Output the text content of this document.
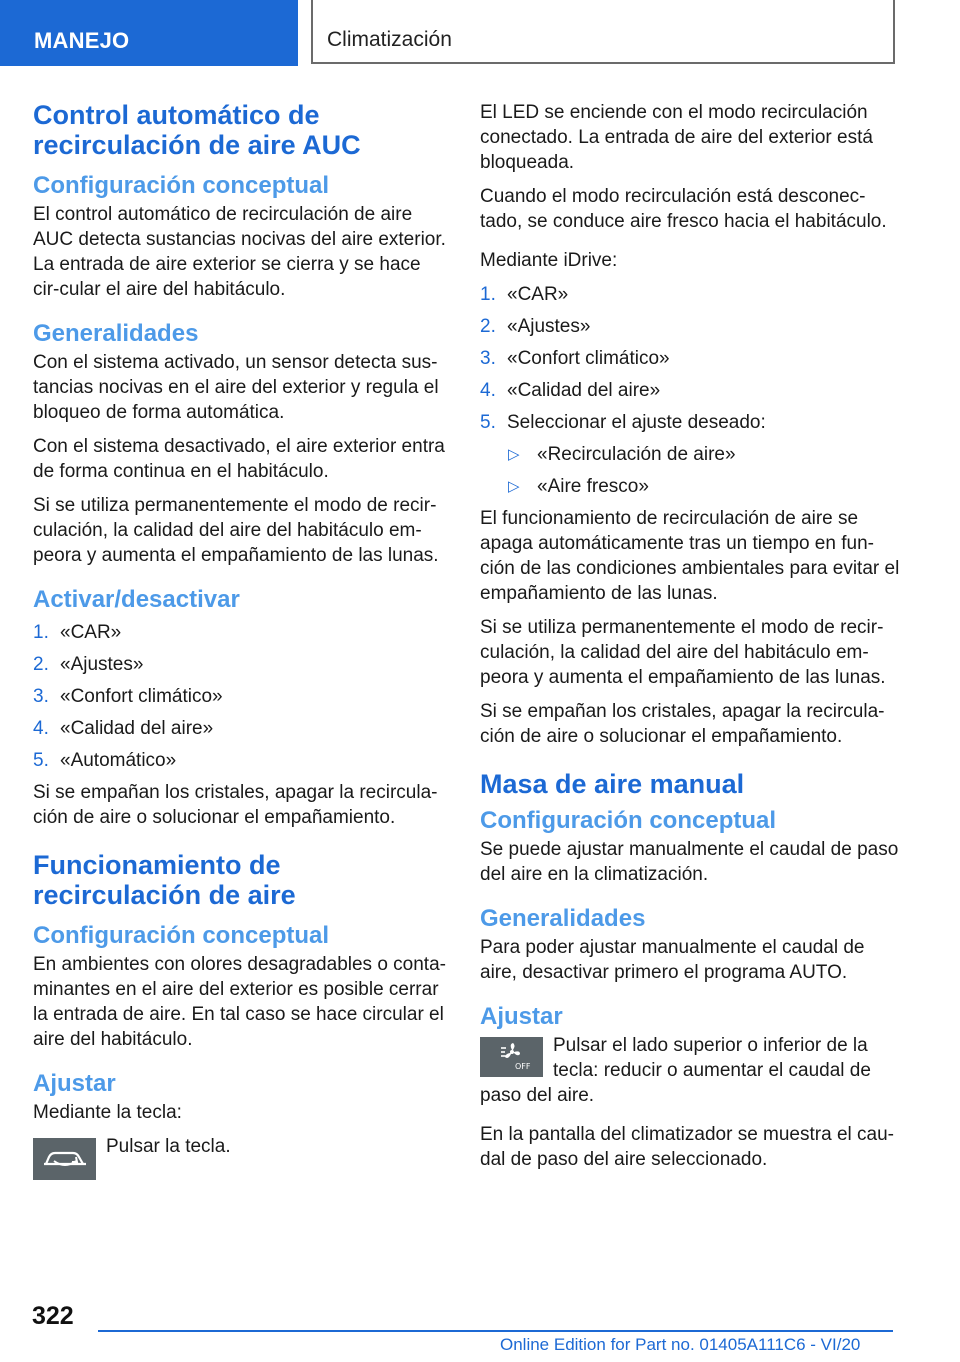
MANEJO	Climatización
Control automático de recirculación de aire AUC
Configuración conceptual

El control automático de recirculación de aire AUC detecta sustancias nocivas del aire exterior. La entrada de aire exterior se cierra y se hace cir-cular el aire del habitáculo.

Generalidades

Con el sistema activado, un sensor detecta sus-tancias nocivas en el aire del exterior y regula el bloqueo de forma automática.

Con el sistema desactivado, el aire exterior entra de forma continua en el habitáculo.

Si se utiliza permanentemente el modo de recir-culación, la calidad del aire del habitáculo em-peora y aumenta el empañamiento de las lunas.

Activar/desactivar
1. «CAR»
2. «Ajustes»
3. «Confort climático»
4. «Calidad del aire»
5. «Automático»

Si se empañan los cristales, apagar la recircula-ción de aire o solucionar el empañamiento.

Funcionamiento de recirculación de aire
Configuración conceptual

En ambientes con olores desagradables o conta-minantes en el aire del exterior es posible cerrar la entrada de aire. En tal caso se hace circular el aire del habitáculo.

Ajustar

Mediante la tecla:

Pulsar la tecla.

El LED se enciende con el modo recirculación conectado. La entrada de aire del exterior está bloqueada.

Cuando el modo recirculación está desconec-tado, se conduce aire fresco hacia el habitáculo.

Mediante iDrive:

1. «CAR»
2. «Ajustes»
3. «Confort climático»
4. «Calidad del aire»
5. Seleccionar el ajuste deseado:
▷ «Recirculación de aire»
▷ «Aire fresco»

El funcionamiento de recirculación de aire se apaga automáticamente tras un tiempo en fun-ción de las condiciones ambientales para evitar el empañamiento de las lunas.

Si se utiliza permanentemente el modo de recir-culación, la calidad del aire del habitáculo em-peora y aumenta el empañamiento de las lunas.

Si se empañan los cristales, apagar la recircula-ción de aire o solucionar el empañamiento.

Masa de aire manual
Configuración conceptual

Se puede ajustar manualmente el caudal de paso del aire en la climatización.

Generalidades

Para poder ajustar manualmente el caudal de aire, desactivar primero el programa AUTO.

Ajustar
OFF

Pulsar el lado superior o inferior de la tecla: reducir o aumentar el caudal de paso del aire.

En la pantalla del climatizador se muestra el cau-dal de paso del aire seleccionado.

322
Online Edition for Part no. 01405A111C6 - VI/20
